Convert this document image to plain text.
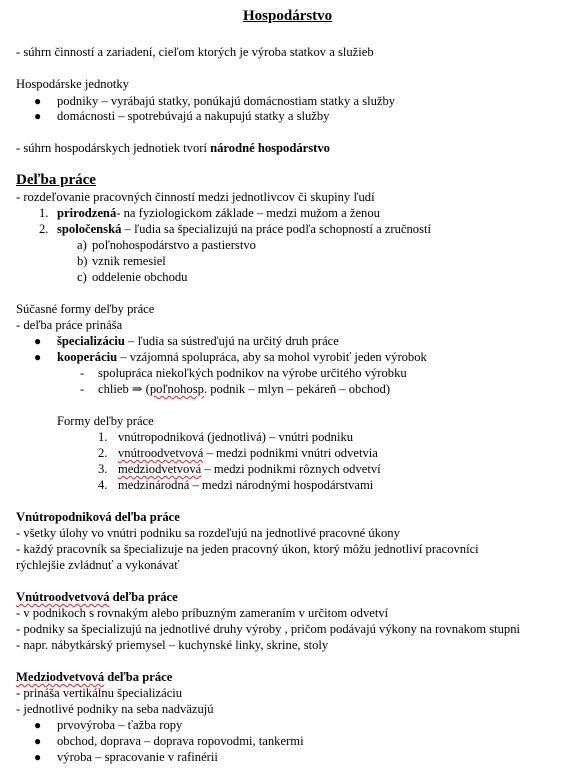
Hospodárstvo
- súhrn činností a zariadení, cieľom ktorých je výroba statkov a služieb
Hospodárske jednotky
● podniky – vyrábajú statky, ponúkajú domácnostiam statky a služby
● domácnosti – spotrebúvajú a nakupujú statky a služby
- súhrn hospodárskych jednotiek tvorí národné hospodárstvo
Deľba práce
- rozdeľovanie pracovných činností medzi jednotlivcov či skupiny ľudí
1. prirodzená- na fyziologickom základe – medzi mužom a ženou
2. spoločenská – ľudia sa špecializujú na práce podľa schopností a zručností
a) poľnohospodárstvo a pastierstvo
b) vznik remesiel
c) oddelenie obchodu
Súčasné formy deľby práce
- deľba práce prináša
● špecializáciu – ľudia sa sústreďujú na určitý druh práce
● kooperáciu – vzájomná spolupráca, aby sa mohol vyrobiť jeden výrobok
- spolupráca niekoľkých podnikov na výrobe určitého výrobku
- chlieb ⇒ (poľnohosp. podnik – mlyn – pekáreň – obchod)
Formy deľby práce
1. vnútropodniková (jednotlivá) – vnútri podniku
2. vnútroodvetvová – medzi podnikmi vnútri odvetvia
3. medziodvetvová – medzi podnikmi rôznych odvetví
4. medzinárodná – medzi národnými hospodárstvami
Vnútropodniková deľba práce
- všetky úlohy vo vnútri podniku sa rozdeľujú na jednotlivé pracovné úkony
- každý pracovník sa špecializuje na jeden pracovný úkon, ktorý môžu jednotliví pracovníci
rýchlejšie zvládnuť a vykonávať
Vnútroodvetvová deľba práce
- v podnikoch s rovnakým alebo príbuzným zameraním v určitom odvetví
- podniky sa špecializujú na jednotlivé druhy výroby , pričom podávajú výkony na rovnakom stupni
- napr. nábytkárský priemysel – kuchynské linky, skrine, stoly
Medziodvetvová deľba práce
- prináša vertikálnu špecializáciu
- jednotlivé podniky na seba nadväzujú
● prvovýroba – ťažba ropy
● obchod, doprava – doprava ropovodmi, tankermi
● výroba – spracovanie v rafinérii
